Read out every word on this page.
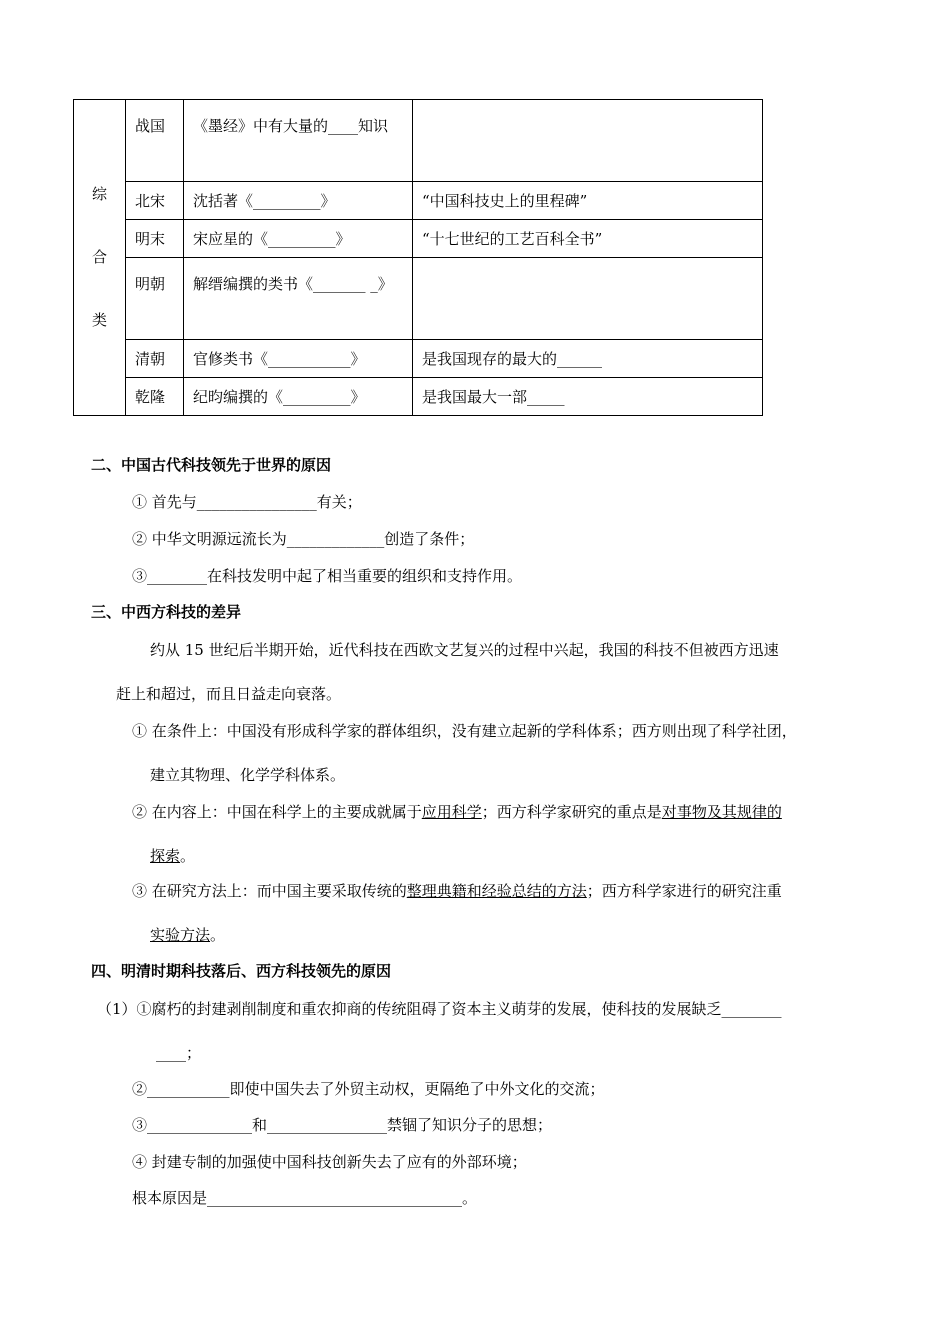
综
合
类	战国	《墨经》中有大量的____知识	
	北宋	沈括著《_________》	“中国科技史上的里程碑”
	明末	宋应星的《_________》	“十七世纪的工艺百科全书”
	明朝	解缙编撰的类书《_______ _》	
	清朝	官修类书《___________》	是我国现存的最大的______
	乾隆	纪昀编撰的《_________》	是我国最大一部_____
二、中国古代科技领先于世界的原因
① 首先与________________有关；
② 中华文明源远流长为_____________创造了条件；
③________在科技发明中起了相当重要的组织和支持作用。
三、中西方科技的差异
约从 15 世纪后半期开始，近代科技在西欧文艺复兴的过程中兴起，我国的科技不但被西方迅速
赶上和超过，而且日益走向衰落。
① 在条件上：中国没有形成科学家的群体组织，没有建立起新的学科体系；西方则出现了科学社团，
建立其物理、化学学科体系。
② 在内容上：中国在科学上的主要成就属于应用科学；西方科学家研究的重点是对事物及其规律的
探索。
③ 在研究方法上：而中国主要采取传统的整理典籍和经验总结的方法；西方科学家进行的研究注重
实验方法。
四、明清时期科技落后、西方科技领先的原因
（1）①腐朽的封建剥削制度和重农抑商的传统阻碍了资本主义萌芽的发展，使科技的发展缺乏________
____；
②___________即使中国失去了外贸主动权，更隔绝了中外文化的交流；
③______________和________________禁锢了知识分子的思想；
④ 封建专制的加强使中国科技创新失去了应有的外部环境；
根本原因是__________________________________。
